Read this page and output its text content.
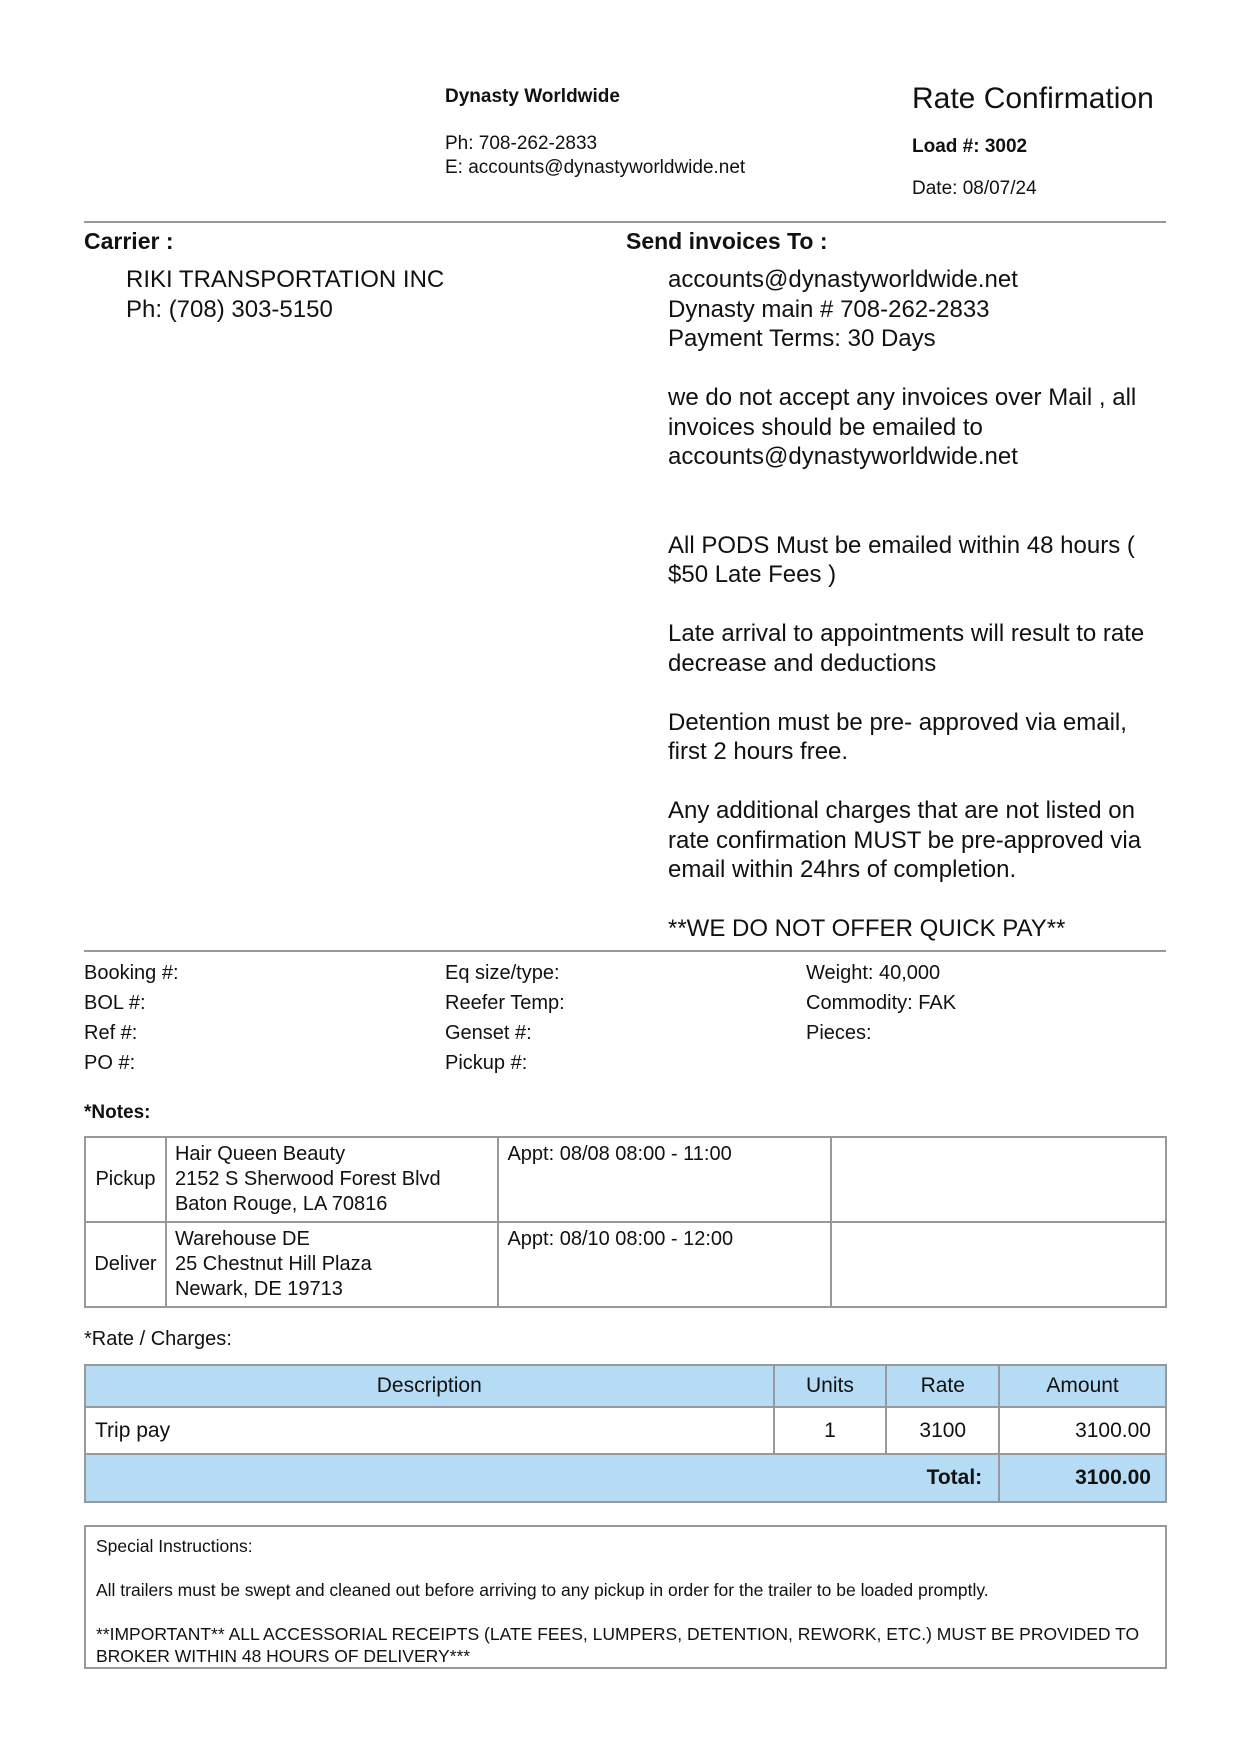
Dynasty Worldwide
Ph: 708-262-2833
E: accounts@dynastyworldwide.net
Rate Confirmation
Load #: 3002
Date: 08/07/24
Carrier :
RIKI TRANSPORTATION INC
Ph: (708) 303-5150
Send invoices To :
accounts@dynastyworldwide.net
Dynasty main # 708-262-2833

Payment Terms: 30 Days

we do not accept any invoices over Mail , all invoices should be emailed to accounts@dynastyworldwide.net

All PODS Must be emailed within 48 hours ( $50 Late Fees )

Late arrival to appointments will result to rate decrease and deductions

Detention must be pre- approved via email, first 2 hours free.

Any additional charges that are not listed on rate confirmation MUST be pre-approved via email within 24hrs of completion.

**WE DO NOT OFFER QUICK PAY**
Booking #:	Eq size/type:	Weight: 40,000
BOL #:	Reefer Temp:	Commodity: FAK
Ref #:	Genset #:	Pieces:
PO #:	Pickup #:
*Notes:
Pickup	Hair Queen Beauty
2152 S Sherwood Forest Blvd
Baton Rouge, LA 70816	Appt: 08/08 08:00 - 11:00	
Deliver	Warehouse DE
25 Chestnut Hill Plaza
Newark, DE 19713	Appt: 08/10 08:00 - 12:00	
*Rate / Charges:
Description	Units	Rate	Amount
Trip pay	1	3100	3100.00
Total:			3100.00

Special Instructions:

All trailers must be swept and cleaned out before arriving to any pickup in order for the trailer to be loaded promptly.

**IMPORTANT** ALL ACCESSORIAL RECEIPTS (LATE FEES, LUMPERS, DETENTION, REWORK, ETC.) MUST BE PROVIDED TO BROKER WITHIN 48 HOURS OF DELIVERY***
